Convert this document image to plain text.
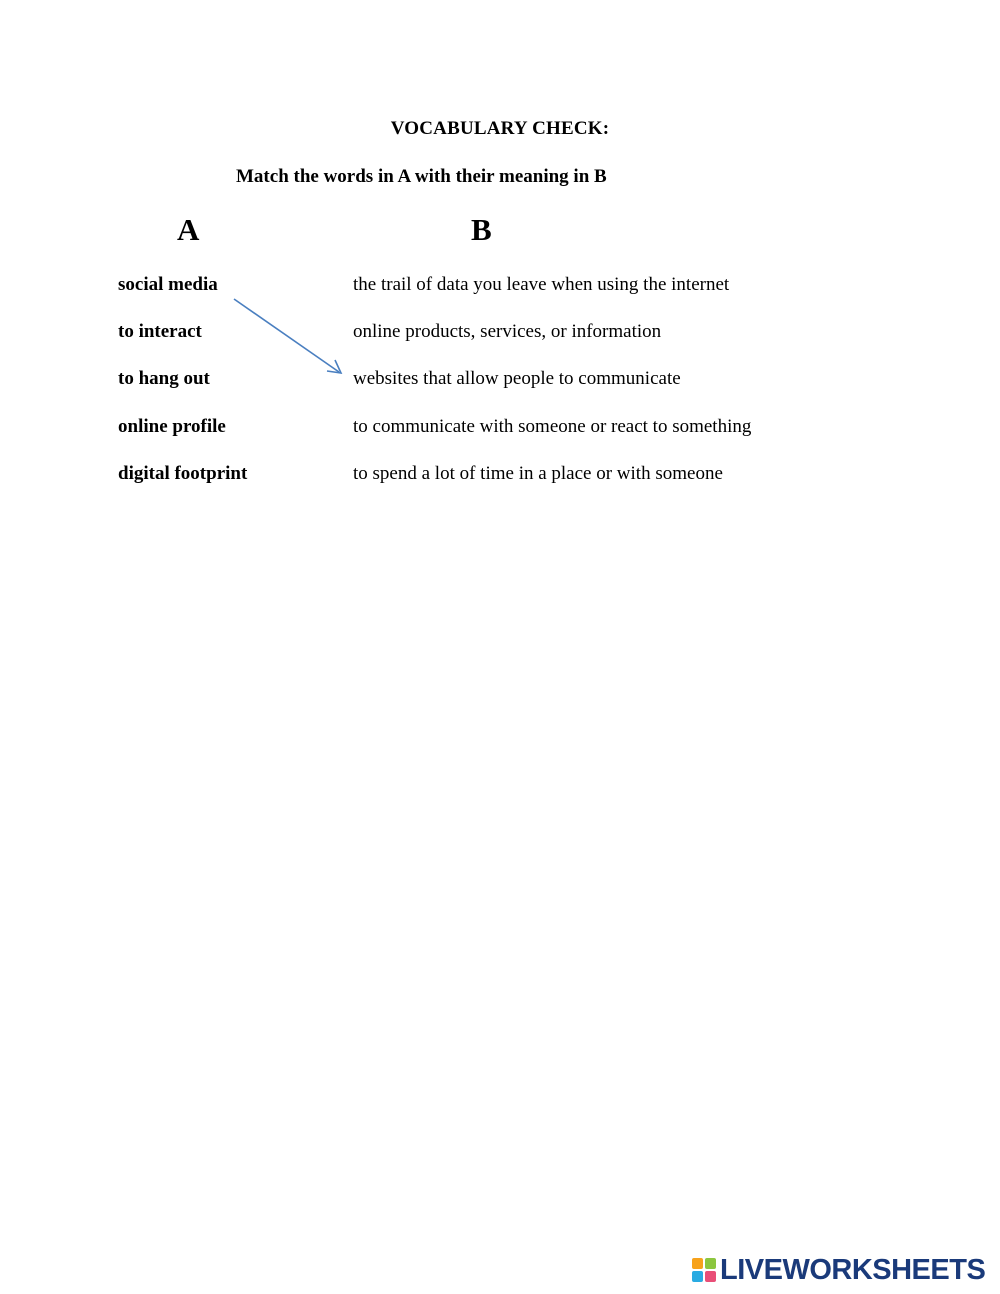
VOCABULARY CHECK:
Match the words in A with their meaning in B
A	B
social media
to interact
to hang out
online profile
digital footprint
the trail of data you leave when using the internet
online products, services, or information
websites that allow people to communicate
to communicate with someone or react to something
to spend a lot of time in a place or with someone
LIVEWORKSHEETS
